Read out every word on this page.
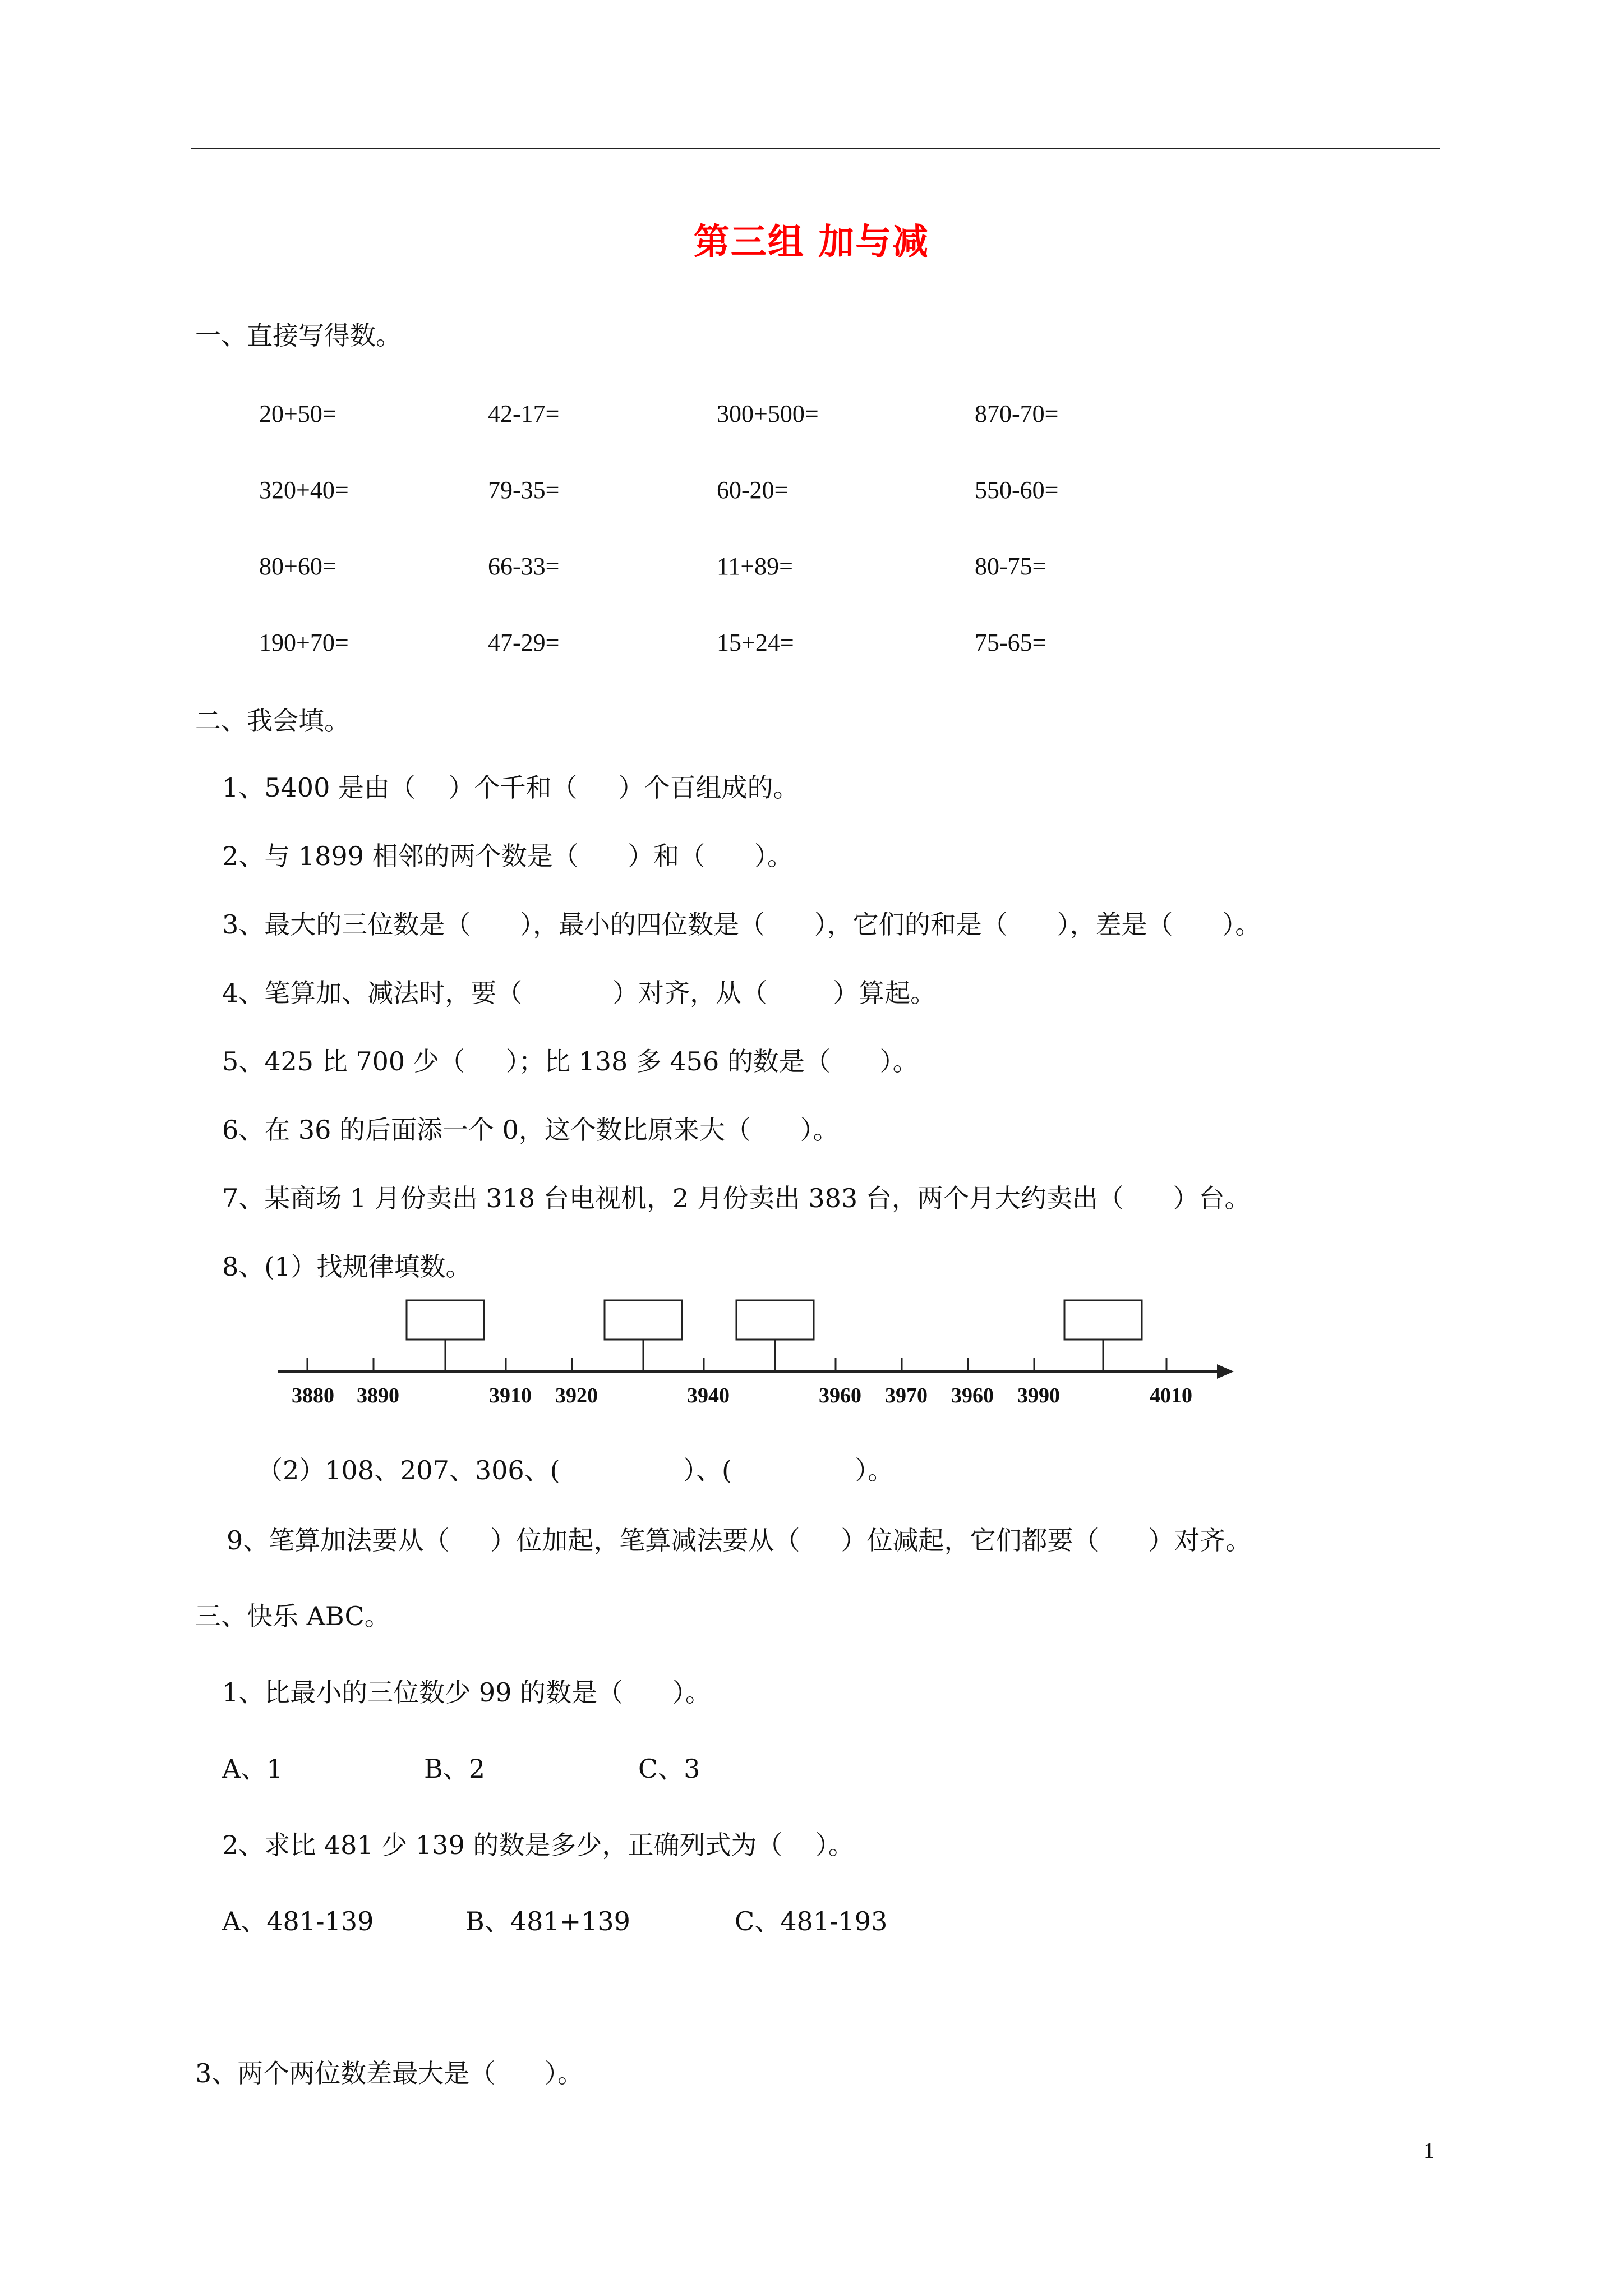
第三组 加与减
一、直接写得数。
20+50=	42-17=	300+500=	870-70=
320+40=	79-35=	60-20=	550-60=
80+60=	66-33=	11+89=	80-75=
190+70=	47-29=	15+24=	75-65=
二、我会填。
1、5400 是由（    ）个千和（     ）个百组成的。
2、与 1899 相邻的两个数是（      ）和（      ）。
3、最大的三位数是（      ），最小的四位数是（      ），它们的和是（      ），差是（      ）。
4、笔算加、减法时，要（           ）对齐，从（        ）算起。
5、425 比 700 少（     ）；比 138 多 456 的数是（      ）。
6、在 36 的后面添一个 0，这个数比原来大（      ）。
7、某商场 1 月份卖出 318 台电视机，2 月份卖出 383 台，两个月大约卖出（      ）台。
8、(1）找规律填数。
3880 3890	3910 3920	3940	3960 3970 3960 3990	4010
（2）108、207、306、(               ）、(               ）。
9、笔算加法要从（     ）位加起，笔算减法要从（     ）位减起，它们都要（      ）对齐。
三、快乐 ABC。
1、比最小的三位数少 99 的数是（      ）。
A、1	B、2	C、3
2、求比 481 少 139 的数是多少，正确列式为（    ）。
A、481-139	B、481+139	C、481-193
3、两个两位数差最大是（      ）。
1
